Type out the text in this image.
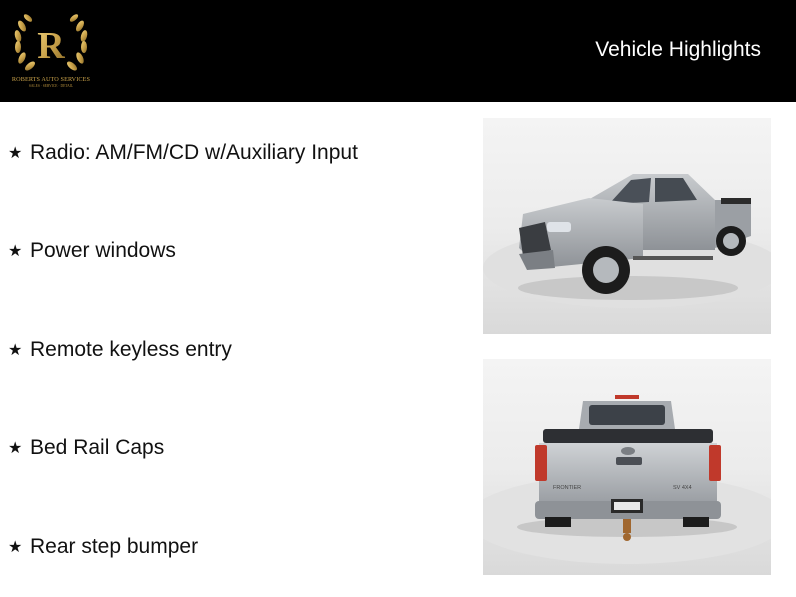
R
ROBERTS AUTO SERVICES
SALES · SERVICE · DETAIL
Vehicle Highlights
★ Radio: AM/FM/CD w/Auxiliary Input
★ Power windows
★ Remote keyless entry
★ Bed Rail Caps
★ Rear step bumper
FRONTIER	SV 4X4
